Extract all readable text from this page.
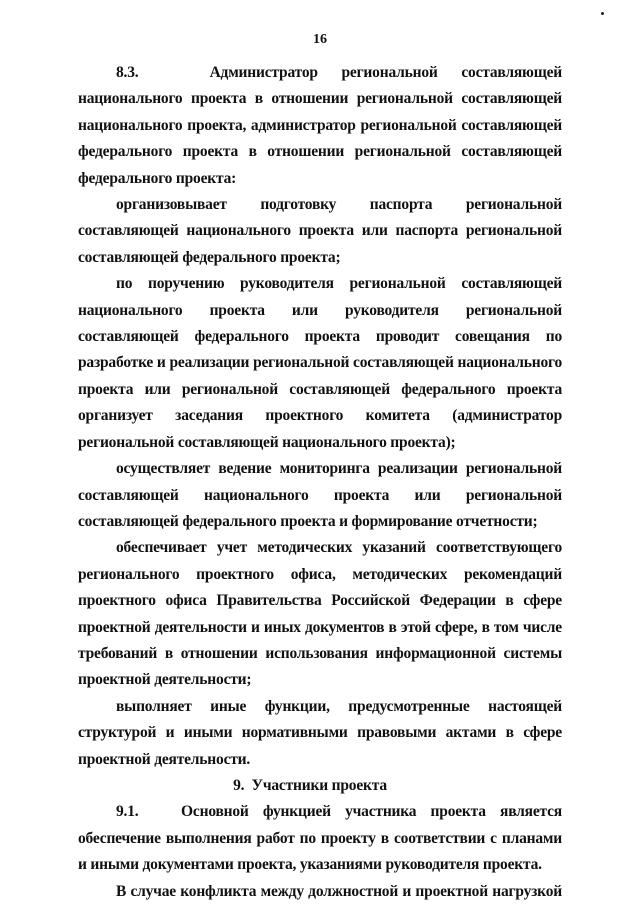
16

8.3.   Администратор региональной составляющей национального проекта в отношении региональной составляющей национального проекта, администратор региональной составляющей федерального проекта в отношении региональной составляющей федерального проекта:

организовывает подготовку паспорта региональной составляющей национального проекта или паспорта региональной составляющей федерального проекта;

по поручению руководителя региональной составляющей национального проекта или руководителя региональной составляющей федерального проекта проводит совещания по разработке и реализации региональной составляющей национального проекта или региональной составляющей федерального проекта организует заседания проектного комитета (администратор региональной составляющей национального проекта);

осуществляет ведение мониторинга реализации региональной составляющей национального проекта или региональной составляющей федерального проекта и формирование отчетности;

обеспечивает учет методических указаний соответствующего регионального проектного офиса, методических рекомендаций проектного офиса Правительства Российской Федерации в сфере проектной деятельности и иных документов в этой сфере, в том числе требований в отношении использования информационной системы проектной деятельности;

выполняет иные функции, предусмотренные настоящей структурой и иными нормативными правовыми актами в сфере проектной деятельности.

9.  Участники проекта

9.1.   Основной функцией участника проекта является обеспечение выполнения работ по проекту в соответствии с планами и иными документами проекта, указаниями руководителя проекта.

В случае конфликта между должностной и проектной нагрузкой
